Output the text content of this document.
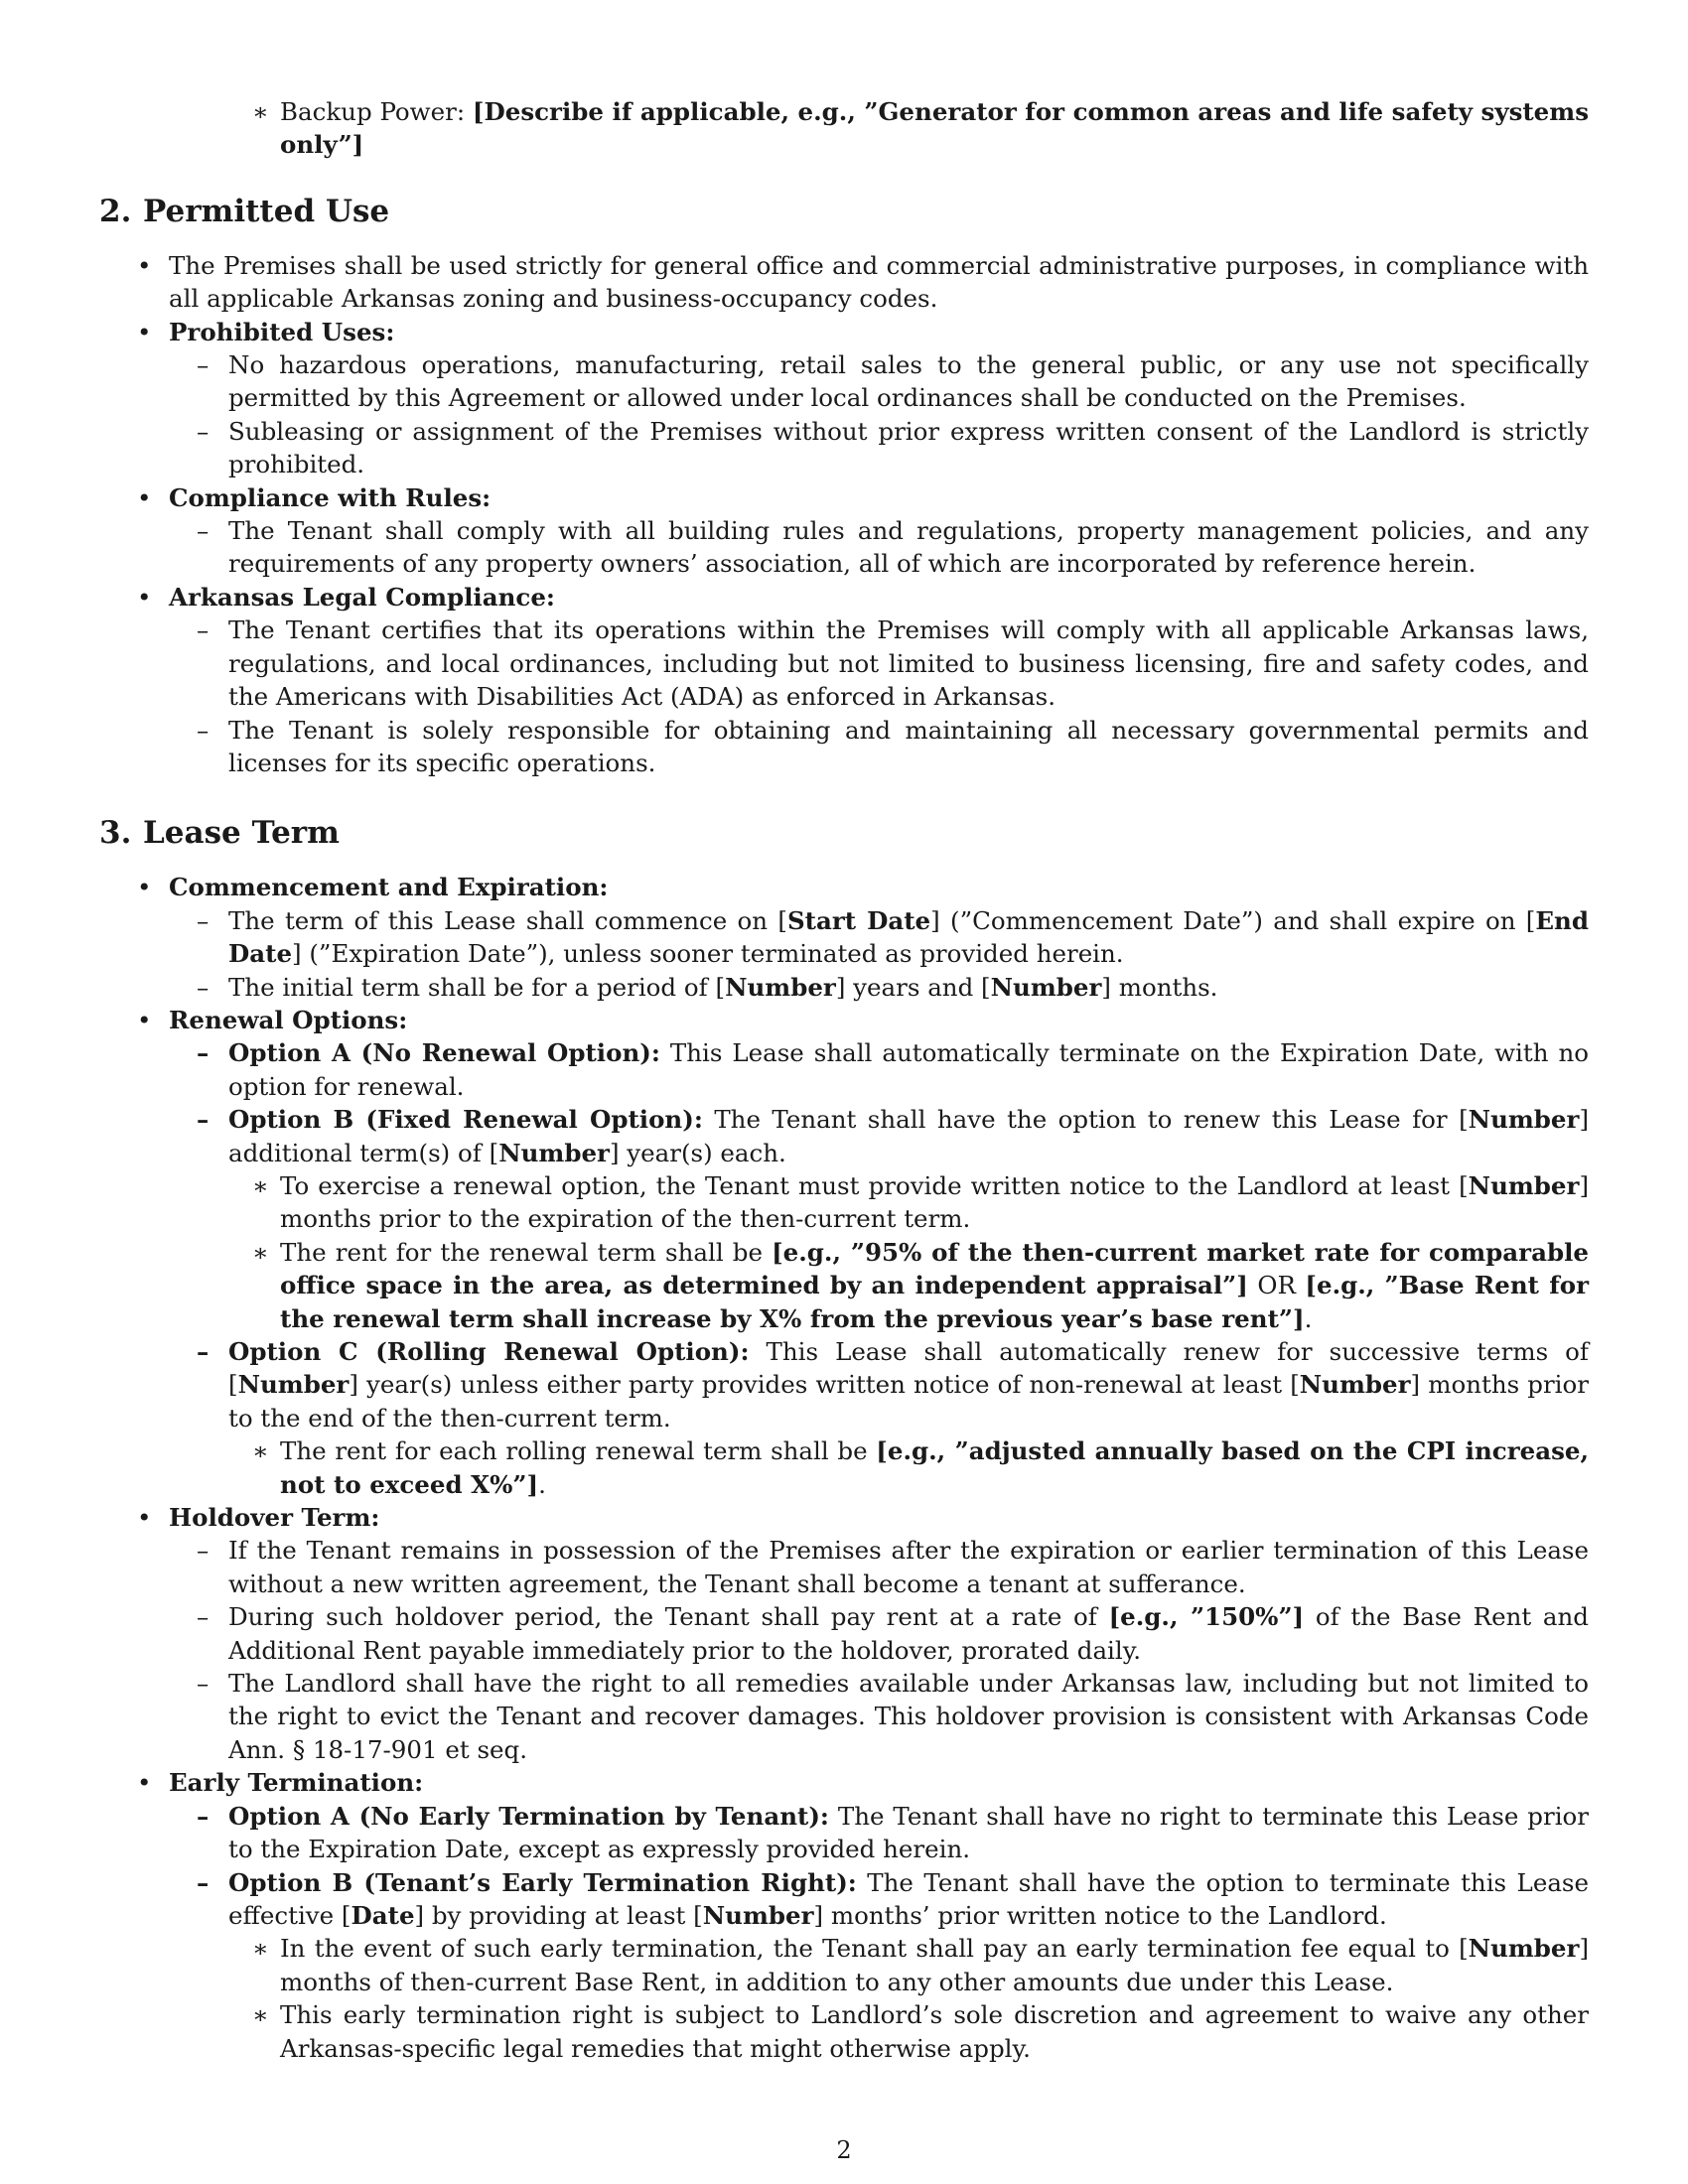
∗ Backup Power: [Describe if applicable, e.g., ”Generator for common areas and life safety systems only”]
2. Permitted Use
• The Premises shall be used strictly for general office and commercial administrative purposes, in compliance with all applicable Arkansas zoning and business-occupancy codes.
• Prohibited Uses:
– No hazardous operations, manufacturing, retail sales to the general public, or any use not specifically permitted by this Agreement or allowed under local ordinances shall be conducted on the Premises.
– Subleasing or assignment of the Premises without prior express written consent of the Landlord is strictly prohibited.
• Compliance with Rules:
– The Tenant shall comply with all building rules and regulations, property management policies, and any requirements of any property owners’ association, all of which are incorporated by reference herein.
• Arkansas Legal Compliance:
– The Tenant certifies that its operations within the Premises will comply with all applicable Arkansas laws, regulations, and local ordinances, including but not limited to business licensing, fire and safety codes, and the Americans with Disabilities Act (ADA) as enforced in Arkansas.
– The Tenant is solely responsible for obtaining and maintaining all necessary governmental permits and licenses for its specific operations.
3. Lease Term
• Commencement and Expiration:
– The term of this Lease shall commence on [Start Date] (”Commencement Date”) and shall expire on [End Date] (”Expiration Date”), unless sooner terminated as provided herein.
– The initial term shall be for a period of [Number] years and [Number] months.
• Renewal Options:
– Option A (No Renewal Option): This Lease shall automatically terminate on the Expiration Date, with no option for renewal.
– Option B (Fixed Renewal Option): The Tenant shall have the option to renew this Lease for [Number] additional term(s) of [Number] year(s) each.
∗ To exercise a renewal option, the Tenant must provide written notice to the Landlord at least [Number] months prior to the expiration of the then-current term.
∗ The rent for the renewal term shall be [e.g., ”95% of the then-current market rate for comparable office space in the area, as determined by an independent appraisal”] OR [e.g., ”Base Rent for the renewal term shall increase by X% from the previous year’s base rent”].
– Option C (Rolling Renewal Option): This Lease shall automatically renew for successive terms of [Number] year(s) unless either party provides written notice of non-renewal at least [Number] months prior to the end of the then-current term.
∗ The rent for each rolling renewal term shall be [e.g., ”adjusted annually based on the CPI increase, not to exceed X%”].
• Holdover Term:
– If the Tenant remains in possession of the Premises after the expiration or earlier termination of this Lease without a new written agreement, the Tenant shall become a tenant at sufferance.
– During such holdover period, the Tenant shall pay rent at a rate of [e.g., ”150%”] of the Base Rent and Additional Rent payable immediately prior to the holdover, prorated daily.
– The Landlord shall have the right to all remedies available under Arkansas law, including but not limited to the right to evict the Tenant and recover damages. This holdover provision is consistent with Arkansas Code Ann. § 18-17-901 et seq.
• Early Termination:
– Option A (No Early Termination by Tenant): The Tenant shall have no right to terminate this Lease prior to the Expiration Date, except as expressly provided herein.
– Option B (Tenant’s Early Termination Right): The Tenant shall have the option to terminate this Lease effective [Date] by providing at least [Number] months’ prior written notice to the Landlord.
∗ In the event of such early termination, the Tenant shall pay an early termination fee equal to [Number] months of then-current Base Rent, in addition to any other amounts due under this Lease.
∗ This early termination right is subject to Landlord’s sole discretion and agreement to waive any other Arkansas-specific legal remedies that might otherwise apply.
2
